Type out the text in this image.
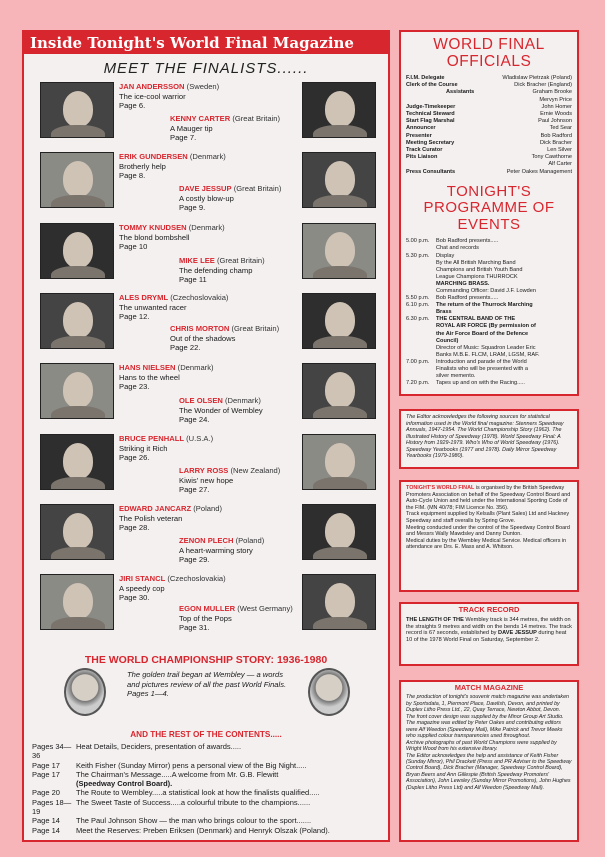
Inside Tonight's World Final Magazine
MEET THE FINALISTS......
JAN ANDERSSON (Sweden)
The ice-cool warrior
Page 6.
KENNY CARTER (Great Britain)
A Mauger tip
Page 7.
ERIK GUNDERSEN (Denmark)
Brotherly help
Page 8.
DAVE JESSUP (Great Britain)
A costly blow-up
Page 9.
TOMMY KNUDSEN (Denmark)
The blond bombshell
Page 10
MIKE LEE (Great Britain)
The defending champ
Page 11
ALES DRYML (Czechoslovakia)
The unwanted racer
Page 12.
CHRIS MORTON (Great Britain)
Out of the shadows
Page 22.
HANS NIELSEN (Denmark)
Hans to the wheel
Page 23.
OLE OLSEN (Denmark)
The Wonder of Wembley
Page 24.
BRUCE PENHALL (U.S.A.)
Striking it Rich
Page 26.
LARRY ROSS (New Zealand)
Kiwis' new hope
Page 27.
EDWARD JANCARZ (Poland)
The Polish veteran
Page 28.
ZENON PLECH (Poland)
A heart-warming story
Page 29.
JIRI STANCL (Czechoslovakia)
A speedy cop
Page 30.
EGON MULLER (West Germany)
Top of the Pops
Page 31.
THE WORLD CHAMPIONSHIP STORY: 1936-1980
The golden trail began at Wembley — a words and pictures review of all the past World Finals. Pages 1—4.
AND THE REST OF THE CONTENTS.....
Pages 34—36
Heat Details, Deciders, presentation of awards.....
Page 17	Keith Fisher (Sunday Mirror) pens a personal view of the Big Night.....
Page 17	The Chairman's Message.....A welcome from Mr. G.B. Flewitt
(Speedway Control Board).
Page 20	The Route to Wembley.....a statistical look at how the finalists qualified.....
Pages 18—19
The Sweet Taste of Success.....a colourful tribute to the champions......
Page 14	The Paul Johnson Show — the man who brings colour to the sport.......
Page 14	Meet the Reserves: Preben Eriksen (Denmark) and Henryk Olszak (Poland).
WORLD FINAL OFFICIALS
F.I.M. Delegate	Wladislaw Pietrzak (Poland)
Clerk of the Course	Dick Bracher (England)
Assistants	Graham Brooke
Mervyn Price
Judge-Timekeeper	John Homer
Technical Steward	Ernie Woods
Start Flag Marshal	Paul Johnson
Announcer	Ted Sear
Presenter	Bob Radford
Meeting Secretary	Dick Bracher
Track Curator	Len Silver
Pits Liaison	Tony Cawthorne
Alf Carter
Press Consultants	Peter Oakes Management
TONIGHT'S PROGRAMME OF EVENTS
5.00 p.m.	Bob Radford presents.....
Chat and records
5.30 p.m.	Display
By the All British Marching Band
Champions and British Youth Band
League Champions THURROCK
MARCHING BRASS.
Commanding Officer: David J.F. Lowden
5.50 p.m.	Bob Radford presents.....
6.10 p.m.	The return of the Thurrock Marching
Brass
6.30 p.m.	THE CENTRAL BAND OF THE
ROYAL AIR FORCE (By permission of
the Air Force Board of the Defence
Council)
Director of Music: Squadron Leader Eric
Banks M.B.E. FLCM, LRAM, LGSM, RAF.
7.00 p.m.	Introduction and parade of the World
Finalists who will be presented with a
silver memento.
7.20 p.m.	Tapes up and on with the Racing.....
The Editor acknowledges the following sources for statistical information used in the World final magazine: Stenners Speedway Annuals, 1947-1954. The World Championship Story (1962). The Illustrated History of Speedway (1978). World Speedway Final: A History from 1929-1979. Who's Who of World Speedway (1976). Speedway Yearbooks (1977 and 1978). Daily Mirror Speedway Yearbooks (1979-1980).
TONIGHT'S WORLD FINAL is organised by the British Speedway Promoters Association on behalf of the Speedway Control Board and Auto-Cycle Union and held under the International Sporting Code of the FIM. (MN 40/78; FIM Licence No. 356).
Track equipment supplied by Kelsalls (Plant Sales) Ltd and Hackney Speedway and staff overalls by Spring Grove.
Meeting conducted under the control of the Speedway Control Board and Messrs Wally Mawdsley and Danny Dunton.
Medical duties by the Wembley Medical Service. Medical officers in attendance are Drs. E. Mass and A. Whitson.
TRACK RECORD
THE LENGTH OF THE Wembley track is 344 metres, the width on the straights 9 metres and width on the bends 14 metres. The track record is 67 seconds, established by DAVE JESSUP during heat 10 of the 1978 World Final on Saturday, September 2.
MATCH MAGAZINE
The production of tonight's souvenir match magazine was undertaken by Sportsdata, 1, Piermont Place, Dawlish, Devon, and printed by Duplex Litho Press Ltd., 22, Quay Terrace, Newton Abbot, Devon.
The front cover design was supplied by the Minor Group Art Studio.
The magazine was edited by Peter Oakes and contributing editors were Alf Weedon (Speedway Mail), Mike Patrick and Trevor Meeks who supplied colour transparencies used throughout.
Archive photographs of past World Champions were supplied by Wright Wood from his extensive library.
The Editor acknowledges the help and assistance of Keith Fisher (Sunday Mirror), Phil Drackett (Press and PR Adviser to the Speedway Control Board), Dick Bracher (Manager, Speedway Control Board), Bryan Beers and Ann Gillespie (British Speedway Promoters' Association), John Lewsley (Sunday Mirror Promotions), John Hughes (Duplex Litho Press Ltd) and Alf Weedon (Speedway Mail).
